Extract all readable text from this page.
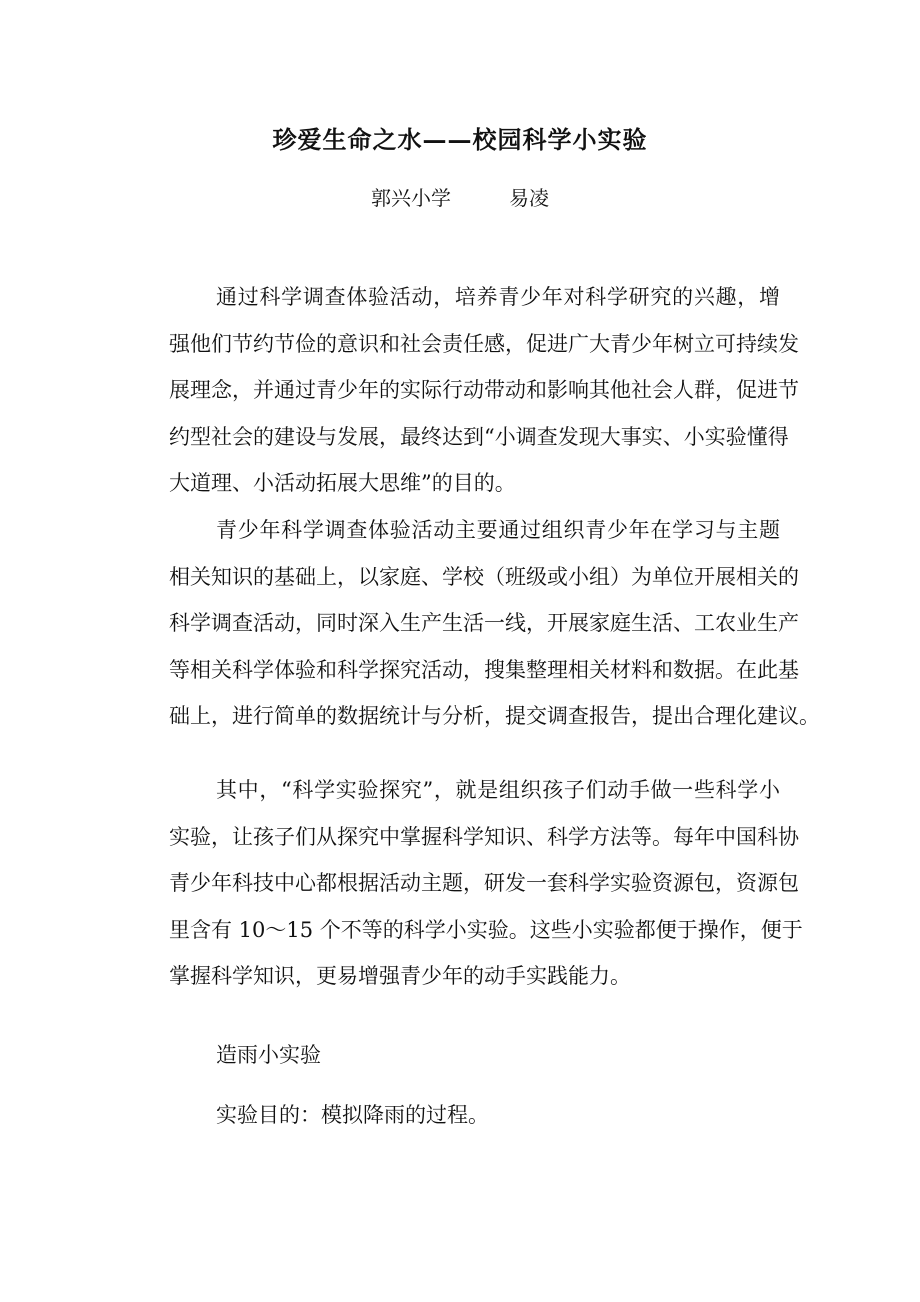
珍爱生命之水——校园科学小实验
郭兴小学	易凌
通过科学调查体验活动，培养青少年对科学研究的兴趣，增
强他们节约节俭的意识和社会责任感，促进广大青少年树立可持续发
展理念，并通过青少年的实际行动带动和影响其他社会人群，促进节
约型社会的建设与发展，最终达到“小调查发现大事实、小实验懂得
大道理、小活动拓展大思维”的目的。
青少年科学调查体验活动主要通过组织青少年在学习与主题
相关知识的基础上，以家庭、学校（班级或小组）为单位开展相关的
科学调查活动，同时深入生产生活一线，开展家庭生活、工农业生产
等相关科学体验和科学探究活动，搜集整理相关材料和数据。在此基
础上，进行简单的数据统计与分析，提交调查报告，提出合理化建议。
其中，“科学实验探究”，就是组织孩子们动手做一些科学小
实验，让孩子们从探究中掌握科学知识、科学方法等。每年中国科协
青少年科技中心都根据活动主题，研发一套科学实验资源包，资源包
里含有 10～15 个不等的科学小实验。这些小实验都便于操作，便于
掌握科学知识，更易增强青少年的动手实践能力。
造雨小实验
实验目的：模拟降雨的过程。
